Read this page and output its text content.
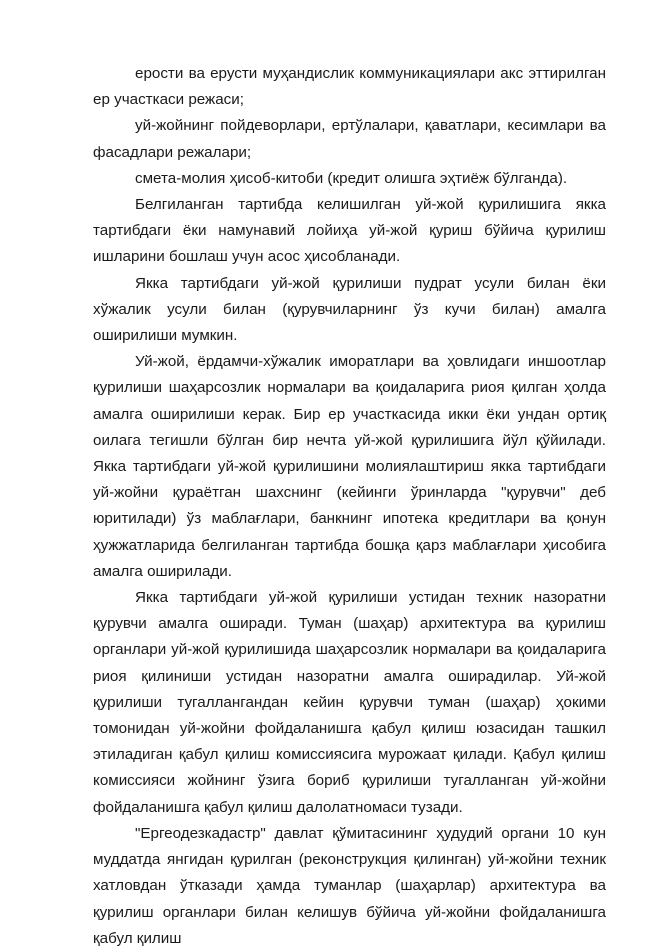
ерости ва ерусти муҳандислик коммуникациялари акс эттирилган ер участкаси режаси;

уй-жойнинг пойдеворлари, ертўлалари, қаватлари, кесимлари ва фасадлари режалари;

смета-молия ҳисоб-китоби (кредит олишга эҳтиёж бўлганда).

Белгиланган тартибда келишилган уй-жой қурилишига якка тартибдаги ёки намунавий лойиҳа уй-жой қуриш бўйича қурилиш ишларини бошлаш учун асос ҳисобланади.

Якка тартибдаги уй-жой қурилиши пудрат усули билан ёки хўжалик усули билан (қурувчиларнинг ўз кучи билан) амалга оширилиши мумкин.

Уй-жой, ёрдамчи-хўжалик иморатлари ва ҳовлидаги иншоотлар қурилиши шаҳарсозлик нормалари ва қоидаларига риоя қилган ҳолда амалга оширилиши керак. Бир ер участкасида икки ёки ундан ортиқ оилага тегишли бўлган бир нечта уй-жой қурилишига йўл қўйилади. Якка тартибдаги уй-жой қурилишини молиялаштириш якка тартибдаги уй-жойни қураётган шахснинг (кейинги ўринларда "қурувчи" деб юритилади) ўз маблағлари, банкнинг ипотека кредитлари ва қонун ҳужжатларида белгиланган тартибда бошқа қарз маблағлари ҳисобига амалга оширилади.

Якка тартибдаги уй-жой қурилиши устидан техник назоратни қурувчи амалга оширади. Туман (шаҳар) архитектура ва қурилиш органлари уй-жой қурилишида шаҳарсозлик нормалари ва қоидаларига риоя қилиниши устидан назоратни амалга оширадилар. Уй-жой қурилиши тугаллангандан кейин қурувчи туман (шаҳар) ҳокими томонидан уй-жойни фойдаланишга қабул қилиш юзасидан ташкил этиладиган қабул қилиш комиссиясига мурожаат қилади. Қабул қилиш комиссияси жойнинг ўзига бориб қурилиши тугалланган уй-жойни фойдаланишга қабул қилиш далолатномаси тузади.

"Ергеодезкадастр" давлат қўмитасининг ҳудудий органи 10 кун муддатда янгидан қурилган (реконструкция қилинган) уй-жойни техник хатловдан ўтказади ҳамда туманлар (шаҳарлар) архитектура ва қурилиш органлари билан келишув бўйича уй-жойни фойдаланишга қабул қилиш
